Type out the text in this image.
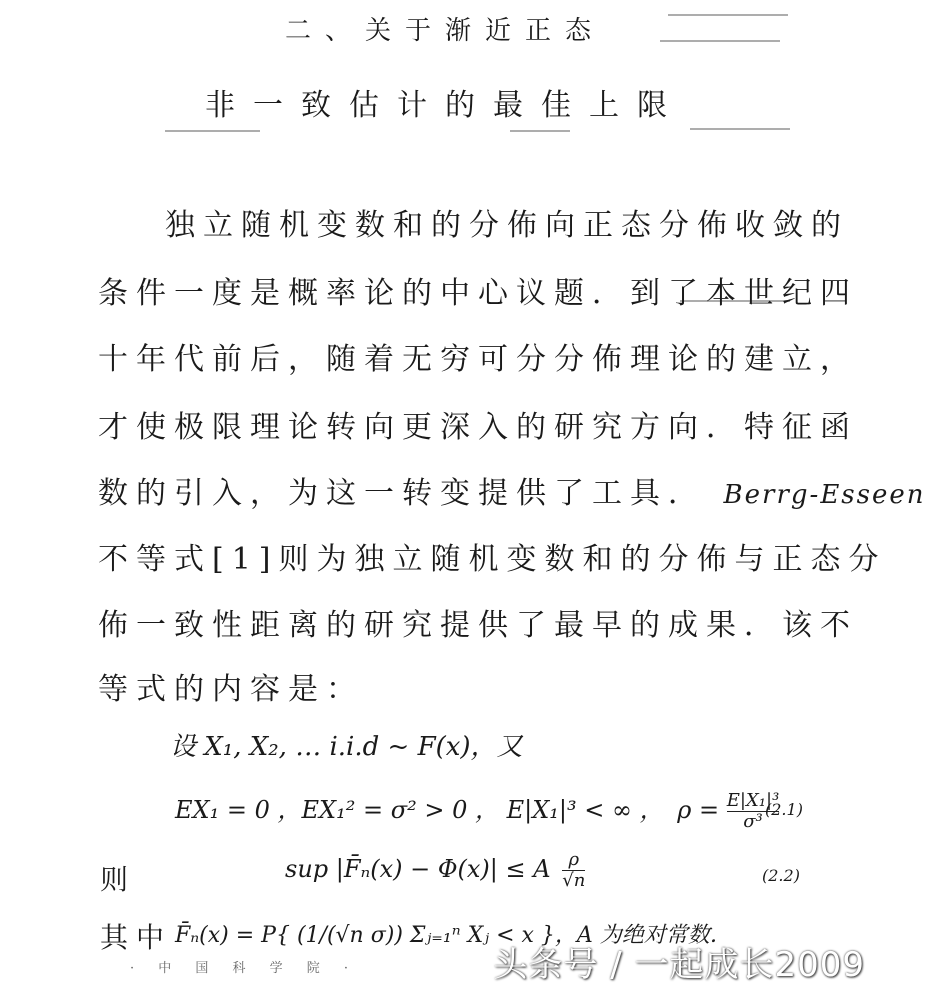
二、关于渐近正态
非一致估计的最佳上限
独立随机变数和的分佈向正态分佈收敛的
条件一度是概率论的中心议题．到了本世纪四
十年代前后，随着无穷可分分佈理论的建立，
才使极限理论转向更深入的研究方向．特征函
数的引入，为这一转变提供了工具． Berrg-Esseen
不等式[1]则为独立随机变数和的分佈与正态分
佈一致性距离的研究提供了最早的成果．该不
等式的内容是：
设 X₁, X₂, … i.i.d ~ F(x)，又
EX₁ = 0 ，EX₁² = σ² > 0 ， E|X₁|³ < ∞ ， $\rho = \frac{\text{E|X₁|³}}{\text{σ³}}$
(2.1)
则	sup |F̄ₙ(x) − Φ(x)| ≤ A $\frac{\rho}{√n}$	(2.2)
其中 F̄ₙ(x) = P{ (1/(√n σ)) Σⱼ₌₁ⁿ Xⱼ < x }，A 为绝对常数．
· 中 国 科 学 院 ·	头条号 / 一起成长2009
